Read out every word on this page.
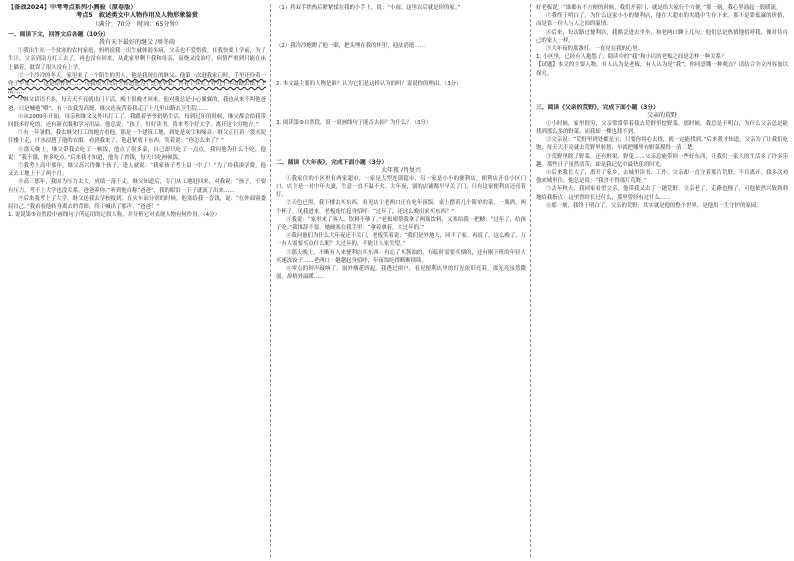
【备战2024】中考考点系列小测验（原卷版）
考点5　叙述类文中人物作用及人物形象鉴赏
（满分：70分　时间：65分钟）
一、阅读下文，回答文后各题（10分）
我有天下最好的继父 /周冬雨

①我出生在一个贫寒的农村家庭，妈妈说我一出生就体弱多病，父亲也不爱惜我。在我快要上学前，为了生计，父亲到南方打工去了，再也没有回来，从此家里剩下我和母亲，高烧又没治疗，病情严重到只能在床上躺着，耽误了很久没有上学。

②一个冷冷的冬天，家里来了一个陌生的男人，他是我现在的继父。他第一次进我家门时，手里还拎着一兜子苹果……“这是给你的……”可我很久以后才知道他为了这兜苹果，背着工具走了好几十里山路去镇上干活……

③继父话语不多，每天天不亮就出门干活，晚上很晚才回来。他对我总是小心翼翼的，我也从来不叫他爸爸，只是喊他“喂”。有一次我发高烧，继父连夜背着我走了十几里山路去卫生院……

④从2009年开始，母亲和继父又外出打工了。我跟着爷爷奶奶生活，每到过年的时候，继父都会给我带回很多好吃的，还有新衣服和学习用品。他总说：“孩子，好好读书，将来考个好大学，离开这个穷地方。”

⑤有一年暑假，我去继父打工的地方看他。那是一个建筑工地，到处是灰尘和噪音。继父正扛着一袋水泥往楼上走，汗水浸透了他的衣服。看到我来了，他赶紧放下东西，笑着说：“你怎么来了？”

⑥那天晚上，继父带我去吃了一顿饭，他点了很多菜，自己却只吃了一点点。我问他为什么不吃，他说：“我不饿，你多吃点。”后来我才知道，他为了省钱，每天只吃两顿饭。

⑦我考上高中那年，继父高兴得像个孩子，逢人就说：“我家孩子考上县一中了！”为了给我凑学费，他又去工地上干了两个月。

⑧高三那年，我因为压力太大，成绩一落千丈。继父知道后，专门从工地赶回来，对我说：“孩子，不要有压力，考不上大学也没关系，爸爸养你。”听到他自称“爸爸”，我的眼泪一下子就流了出来……

⑨后来我考上了大学，继父送我去学校报到。在火车站分别的时候，他塞给我一沓钱，说：“在外面别委屈自己。”我看着他转身离去的背影，终于喊出了那声：“爸爸！”

1. 说说第⑤自然段中画线句子所运用的记叙人称，并分析它对表现人物有何作用。（4分）

（1）将双手搓热后紧紧揉在我的小手上，说：“小雨，这里以后就是你的家。”

（2）我冷冷地瞪了他一眼，把头埋在我的怀里，迎法消逝……

2. 本文最主要的人物是谁？认为它们是这样认为的吗？说说你的理由。（3分）

3. 阅读第⑨自然段，说一说画线句子能否去掉？为什么？（3分）

二、阅读《大年夜》，完成下面小题（3分）
大年夜 /肖复兴

①我家住的小区里有两家超市，一家是大型连锁超市，另一家是小小的便利店。便利店开在小区门口，店主是一对中年夫妻，生意一直不温不火。大年夜，别的店铺都早早关了门，只有这家便利店还亮着灯。

②天色已黑，我下楼去买东西，看见店主老两口正在吃年夜饭。桌上摆着几个简单的菜，一瓶酒，两个杯子。见我进来，老板连忙起身招呼：“过年了，还这么晚出来买东西？”

③我说：“家里来了客人，饮料不够了。”老板娘帮我拿了两瓶饮料，又塞给我一把糖：“过年了，给孩子吃。”我推辞不要，她硬塞在我手里：“拿着拿着，大过年的。”

④我问他们为什么大年夜还不关门，老板笑着说：“我们是外地人，回不了家。再说了，这么晚了，万一有人需要买点什么呢？大过年的，不能让人家失望。”

⑤那天晚上，不断有人来便利店买东西：有忘了买酱油的，有临时需要买烟的，还有刚下班的年轻人买速冻饺子……老两口一趟趟起身招呼，年夜饭吃得断断续续。

⑥零点的钟声敲响了，窗外烟花四起。我透过窗户，看见便利店里的灯光依旧亮着，那光亮虽然微弱，却格外温暖……

好老板说：“谁都有不方便的时候，我们开着门，就是给大家行个方便。”那一刻，我心里涌起一股暖流。

⑦我终于明白了，为什么这家小小的便利店，能在大超市的夹缝中生存下来。那不是靠低廉的价格，而是靠一份人与人之间的温情。

⑧后来，每次路过便利店，我都会进去坐坐，和老两口聊上几句。他们总是热情地招呼我，像对待自己的家人一样。

⑨大年夜的那盏灯，一直亮在我的心里。

1. 小区里，已经有人抱怨了。阅读中的“我”和小店的老板之间是怎样一种关系？

【试题】本文的主要人物，有人认为是老板，有人认为是“我”，你同意哪一种观点？请结合全文内容加以探究。

三、阅读《父亲的荒野》，完成下面小题（3分）
父亲的荒野

①小时候，家里很穷，父亲常常带着我去荒野里挖野菜。那时候，我总是不明白，为什么父亲总是能找到那么多的野菜，而我却一棵也找不到。

②父亲说：“荒野里到处都是宝，只要你用心去找，就一定能找到。”后来我才知道，父亲为了让我们吃饱，每天天不亮就去荒野里转悠，早就把哪里有野菜摸得一清二楚。

③荒野里除了野菜，还有野果、野兔……父亲总能带回一些好东西，让我们一家人的生活多了许多乐趣。那些日子虽然清苦，却是我记忆中最快乐的时光。

④后来我长大了，离开了家乡，去城里读书、工作。父亲却一直守着那片荒野，不肯离开。我多次劝他来城里住，他总是说：“我舍不得那片荒野。”

⑤去年秋天，我回家看望父亲，他带我又去了一趟荒野。父亲老了，走路也慢了，可他依然兴致勃勃地给我指点：这里曾经长过什么，那里曾经有过什么……

⑥那一刻，我终于明白了，父亲的荒野，其实就是他的整个世界，是他用一生守护的家园。
